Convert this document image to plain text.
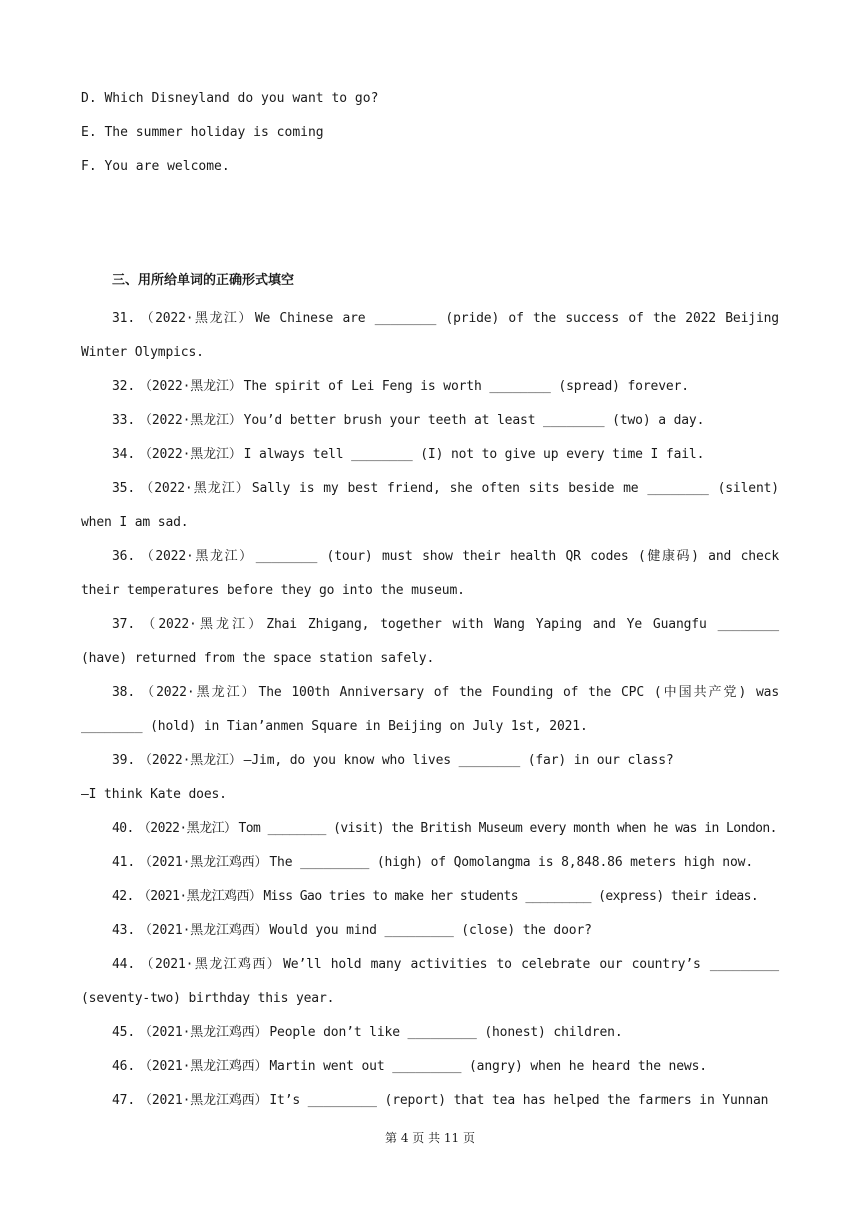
D. Which Disneyland do you want to go?
E. The summer holiday is coming
F. You are welcome.
三、用所给单词的正确形式填空
31. （2022·黑龙江） We Chinese are ________ (pride) of the success of the 2022 Beijing Winter Olympics.
32. （2022·黑龙江） The spirit of Lei Feng is worth ________ (spread) forever.
33. （2022·黑龙江） You’d better brush your teeth at least ________ (two) a day.
34. （2022·黑龙江） I always tell ________ (I) not to give up every time I fail.
35. （2022·黑龙江） Sally is my best friend, she often sits beside me ________ (silent) when I am sad.
36. （2022·黑龙江） ________ (tour) must show their health QR codes (健康码) and check their temperatures before they go into the museum.
37. （2022·黑龙江） Zhai Zhigang, together with Wang Yaping and Ye Guangfu ________ (have) returned from the space station safely.
38. （2022·黑龙江） The 100th Anniversary of the Founding of the CPC (中国共产党) was ________ (hold) in Tian’anmen Square in Beijing on July 1st, 2021.
39. （2022·黑龙江） —Jim, do you know who lives ________ (far) in our class?
—I think Kate does.
40. （2022·黑龙江） Tom ________ (visit) the British Museum every month when he was in London.
41. （2021·黑龙江鸡西） The _________ (high) of Qomolangma is 8,848.86 meters high now.
42. （2021·黑龙江鸡西） Miss Gao tries to make her students _________ (express) their ideas.
43. （2021·黑龙江鸡西） Would you mind _________ (close) the door?
44. （2021·黑龙江鸡西） We’ll hold many activities to celebrate our country’s _________ (seventy-two) birthday this year.
45. （2021·黑龙江鸡西） People don’t like _________ (honest) children.
46. （2021·黑龙江鸡西） Martin went out _________ (angry) when he heard the news.
47. （2021·黑龙江鸡西） It’s _________ (report) that tea has helped the farmers in Yunnan
第 4 页 共 11 页
